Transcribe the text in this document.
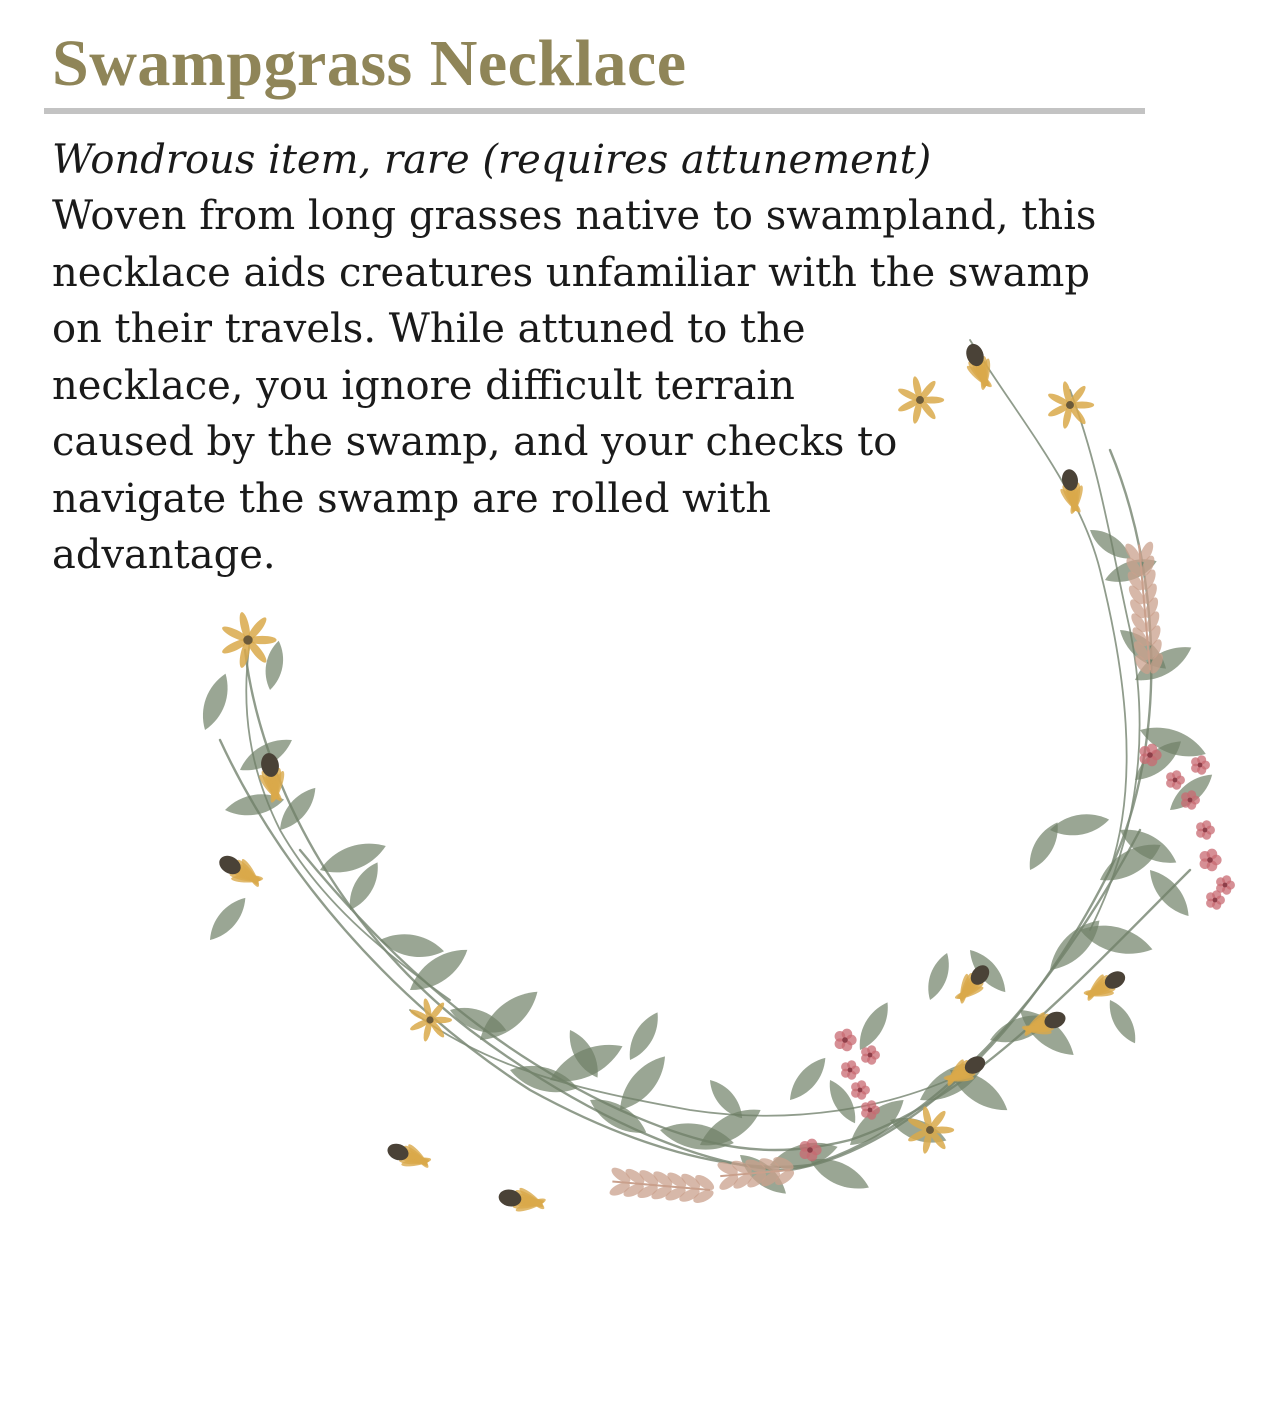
Swampgrass Necklace

Wondrous item, rare (requires attunement)

Woven from long grasses native to swampland, this
necklace aids creatures unfamiliar with the swamp
on their travels. While attuned to the
necklace, you ignore difficult terrain
caused by the swamp, and your checks to
navigate the swamp are rolled with
advantage.
